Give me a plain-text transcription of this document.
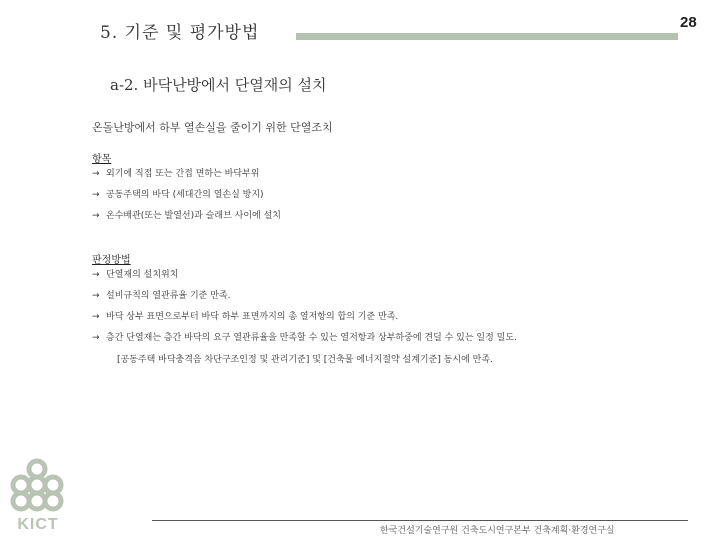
5. 기준 및 평가방법
28
a-2. 바닥난방에서 단열재의 설치
온돌난방에서 하부 열손실을 줄이기 위한 단열조치
항목
→ 외기에 직접 또는 간접 면하는 바닥부위
→ 공동주택의 바닥 (세대간의 열손실 방지)
→ 온수배관(또는 발열선)과 슬래브 사이에 설치
판정방법
→ 단열재의 설치위치
→ 설비규칙의 열관류율 기준 만족.
→ 바닥 상부 표면으로부터 바닥 하부 표면까지의 총 열저항의 합의 기준 만족.
→ 층간 단열재는 층간 바닥의 요구 열관류율을 만족할 수 있는 열저항과 상부하중에 견딜 수 있는 일정 밀도.
[공동주택 바닥충격음 차단구조인정 및 관리기준] 및 [건축물 에너지절약 설계기준] 동시에 만족.
KICT	한국건설기술연구원 건축도시연구본부 건축계획·환경연구실
